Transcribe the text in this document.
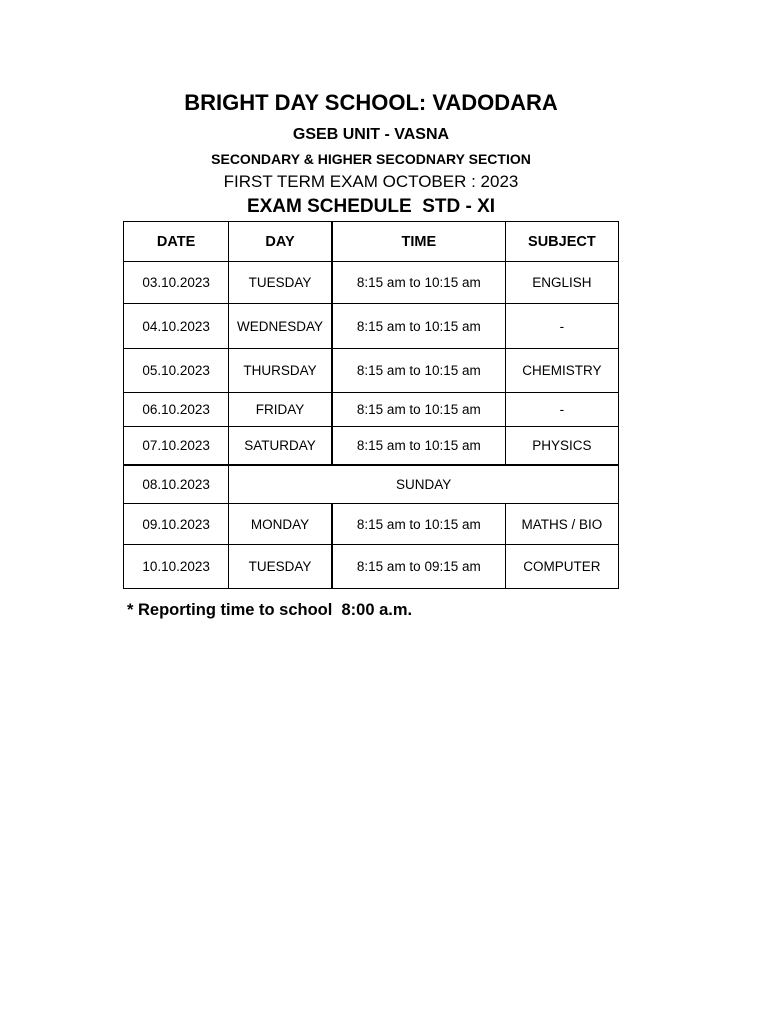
BRIGHT DAY SCHOOL: VADODARA
GSEB UNIT - VASNA
SECONDARY & HIGHER SECODNARY SECTION
FIRST TERM EXAM OCTOBER : 2023
EXAM SCHEDULE  STD - XI
DATE	DAY	TIME	SUBJECT
03.10.2023	TUESDAY	8:15 am to 10:15 am	ENGLISH
04.10.2023	WEDNESDAY	8:15 am to 10:15 am	-
05.10.2023	THURSDAY	8:15 am to 10:15 am	CHEMISTRY
06.10.2023	FRIDAY	8:15 am to 10:15 am	-
07.10.2023	SATURDAY	8:15 am to 10:15 am	PHYSICS
08.10.2023	SUNDAY		
09.10.2023	MONDAY	8:15 am to 10:15 am	MATHS / BIO
10.10.2023	TUESDAY	8:15 am to 09:15 am	COMPUTER
* Reporting time to school  8:00 a.m.
